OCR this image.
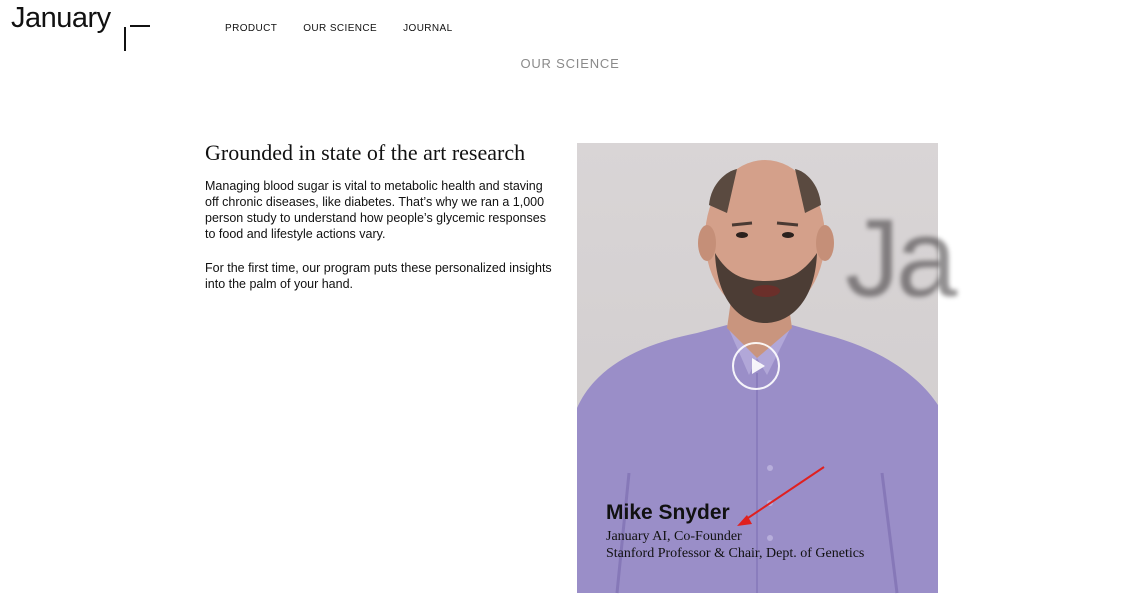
January	PRODUCT	OUR SCIENCE	JOURNAL
OUR SCIENCE
Grounded in state of the art research

Managing blood sugar is vital to metabolic health and staving off chronic diseases, like diabetes. That’s why we ran a 1,000 person study to understand how people’s glycemic responses to food and lifestyle actions vary.

For the first time, our program puts these personalized insights into the palm of your hand.	Ja
Mike Snyder
January AI, Co-Founder
Stanford Professor & Chair, Dept. of Genetics
